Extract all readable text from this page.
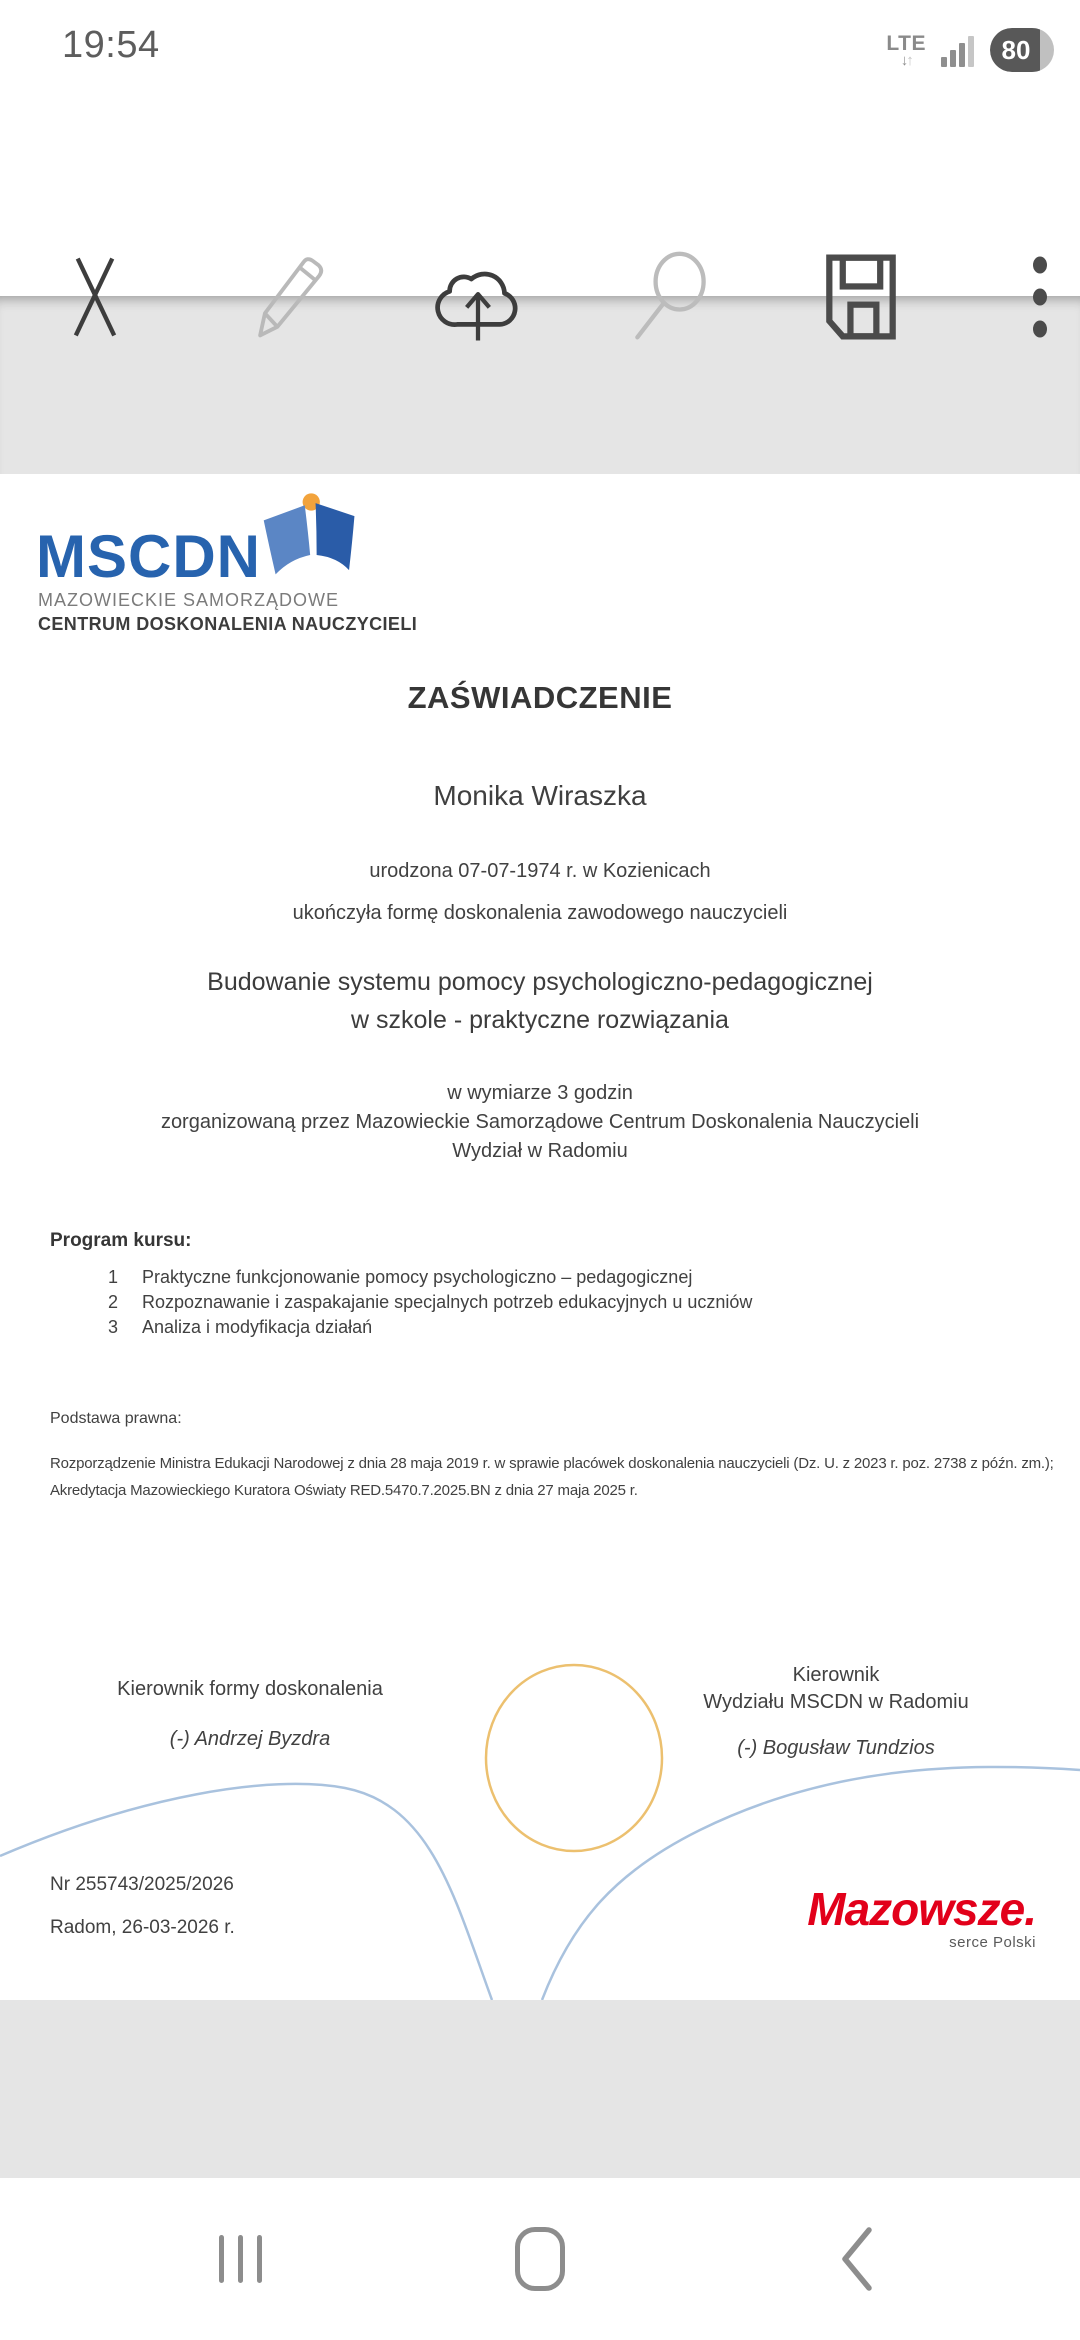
19:54	LTE
↓↑	80
MSCDN
MAZOWIECKIE SAMORZĄDOWE
CENTRUM DOSKONALENIA NAUCZYCIELI
ZAŚWIADCZENIE
Monika Wiraszka
urodzona 07-07-1974 r. w Kozienicach
ukończyła formę doskonalenia zawodowego nauczycieli
Budowanie systemu pomocy psychologiczno-pedagogicznej
w szkole - praktyczne rozwiązania
w wymiarze 3 godzin
zorganizowaną przez Mazowieckie Samorządowe Centrum Doskonalenia Nauczycieli
Wydział w Radomiu
Program kursu:
1	Praktyczne funkcjonowanie pomocy psychologiczno – pedagogicznej
2	Rozpoznawanie i zaspakajanie specjalnych potrzeb edukacyjnych u uczniów
3	Analiza i modyfikacja działań
Podstawa prawna:
Rozporządzenie Ministra Edukacji Narodowej z dnia 28 maja 2019 r. w sprawie placówek doskonalenia nauczycieli (Dz. U. z 2023 r. poz. 2738 z późn. zm.);
Akredytacja Mazowieckiego Kuratora Oświaty RED.5470.7.2025.BN z dnia 27 maja 2025 r.
Kierownik formy doskonalenia
(-) Andrzej Byzdra
Kierownik
Wydziału MSCDN w Radomiu
(-) Bogusław Tundzios
Nr 255743/2025/2026
Radom, 26-03-2026 r.	Mazowsze.
serce Polski
